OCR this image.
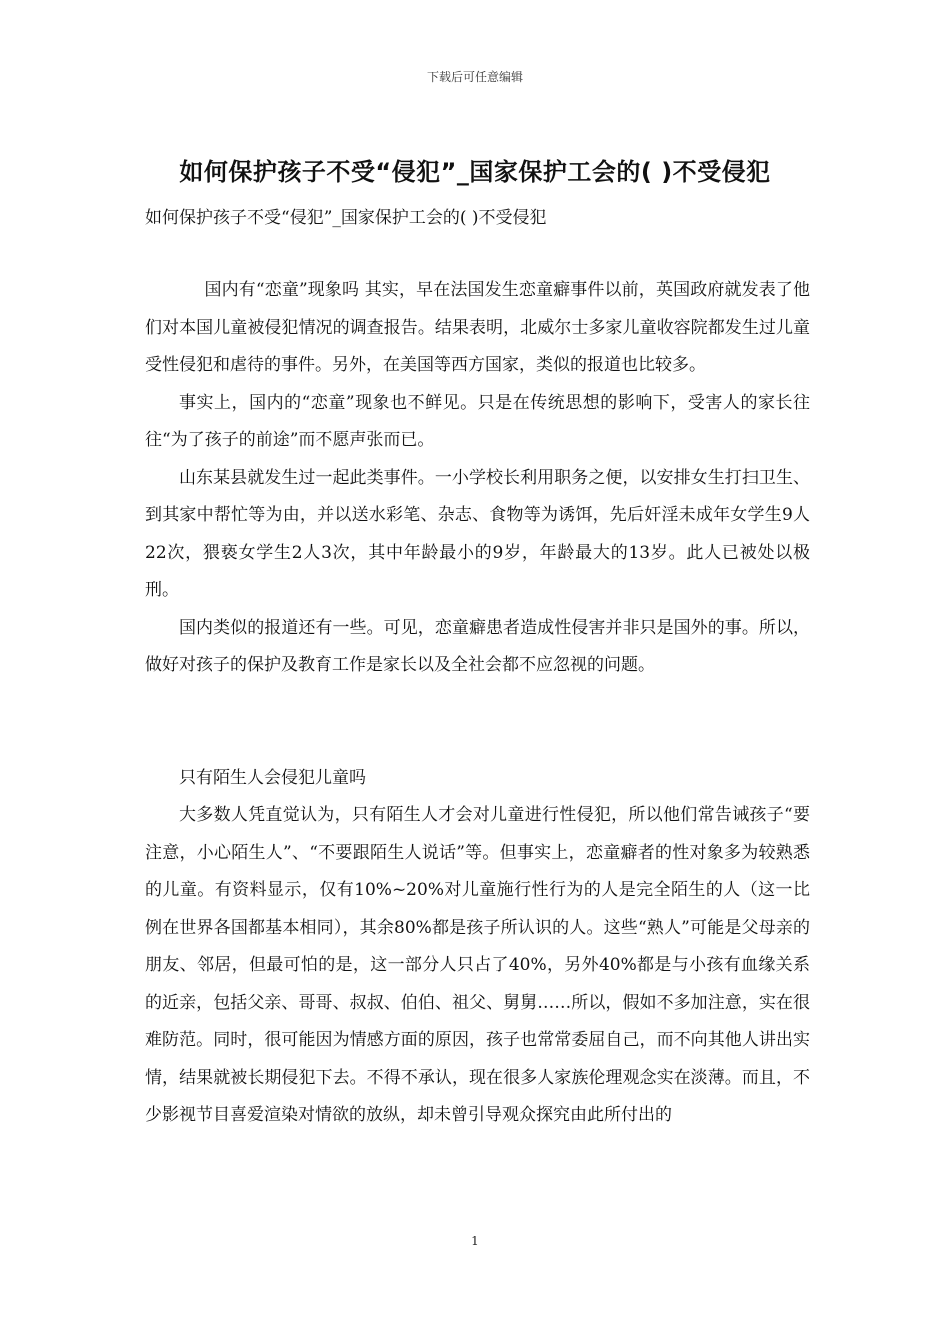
下载后可任意编辑
如何保护孩子不受“侵犯”_国家保护工会的( )不受侵犯
如何保护孩子不受“侵犯”_国家保护工会的( )不受侵犯

国内有“恋童”现象吗 其实，早在法国发生恋童癖事件以前，英国政府就发表了他们对本国儿童被侵犯情况的调查报告。结果表明，北威尔士多家儿童收容院都发生过儿童受性侵犯和虐待的事件。另外，在美国等西方国家，类似的报道也比较多。

事实上，国内的“恋童”现象也不鲜见。只是在传统思想的影响下，受害人的家长往往“为了孩子的前途”而不愿声张而已。

山东某县就发生过一起此类事件。一小学校长利用职务之便，以安排女生打扫卫生、到其家中帮忙等为由，并以送水彩笔、杂志、食物等为诱饵，先后奸淫未成年女学生9人22次，猥亵女学生2人3次，其中年龄最小的9岁，年龄最大的13岁。此人已被处以极刑。

国内类似的报道还有一些。可见，恋童癖患者造成性侵害并非只是国外的事。所以，做好对孩子的保护及教育工作是家长以及全社会都不应忽视的问题。

只有陌生人会侵犯儿童吗

大多数人凭直觉认为，只有陌生人才会对儿童进行性侵犯，所以他们常告诫孩子“要注意，小心陌生人”、“不要跟陌生人说话”等。但事实上，恋童癖者的性对象多为较熟悉的儿童。有资料显示，仅有10%~20%对儿童施行性行为的人是完全陌生的人（这一比例在世界各国都基本相同），其余80%都是孩子所认识的人。这些“熟人”可能是父母亲的朋友、邻居，但最可怕的是，这一部分人只占了40%，另外40%都是与小孩有血缘关系的近亲，包括父亲、哥哥、叔叔、伯伯、祖父、舅舅……所以，假如不多加注意，实在很难防范。同时，很可能因为情感方面的原因，孩子也常常委屈自己，而不向其他人讲出实情，结果就被长期侵犯下去。不得不承认，现在很多人家族伦理观念实在淡薄。而且，不少影视节目喜爱渲染对情欲的放纵，却未曾引导观众探究由此所付出的

1
